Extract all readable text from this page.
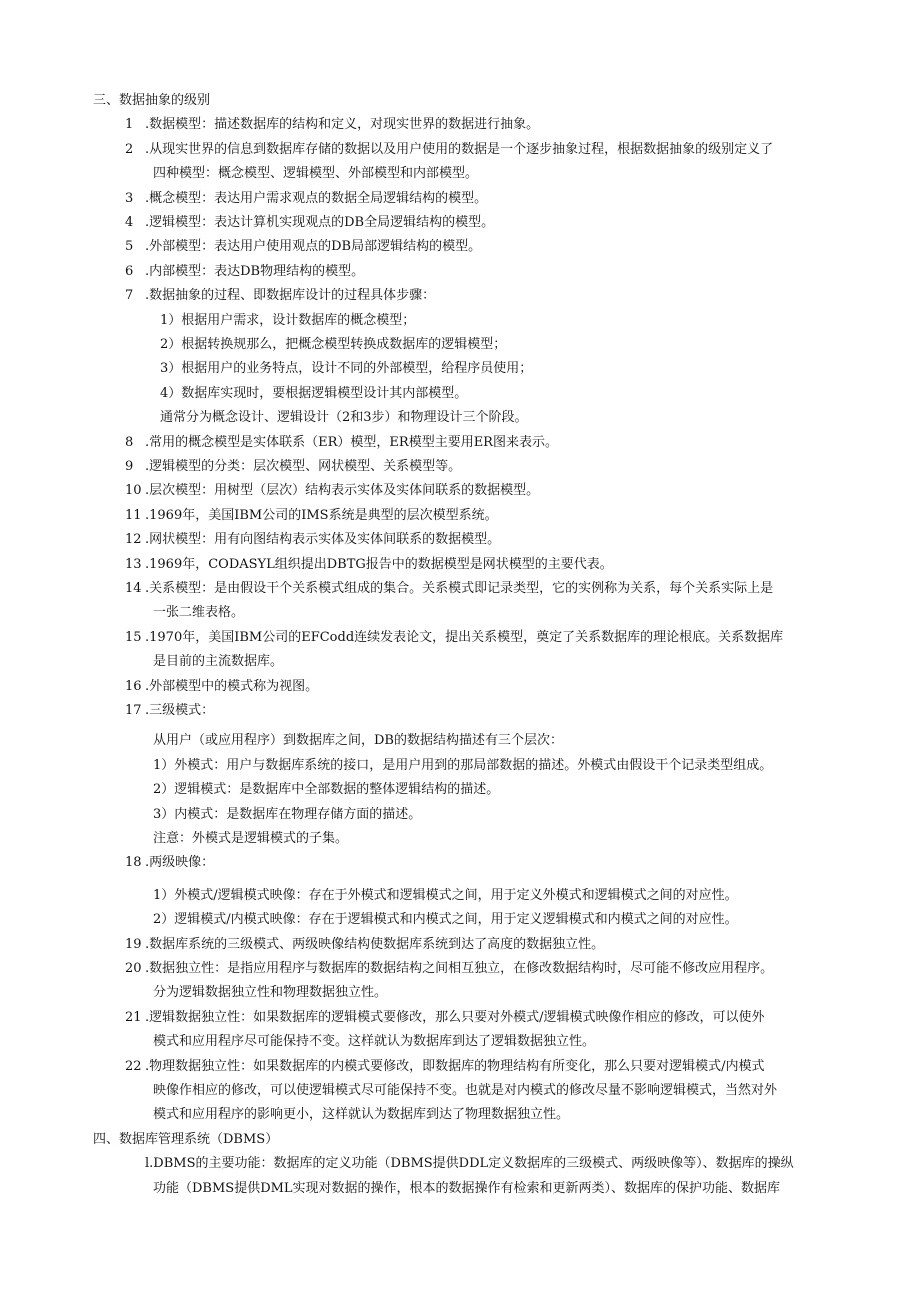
三、数据抽象的级别
1 .数据模型：描述数据库的结构和定义，对现实世界的数据进行抽象。
2 .从现实世界的信息到数据库存储的数据以及用户使用的数据是一个逐步抽象过程，根据数据抽象的级别定义了
四种模型：概念模型、逻辑模型、外部模型和内部模型。
3 .概念模型：表达用户需求观点的数据全局逻辑结构的模型。
4 .逻辑模型：表达计算机实现观点的DB全局逻辑结构的模型。
5 .外部模型：表达用户使用观点的DB局部逻辑结构的模型。
6 .内部模型：表达DB物理结构的模型。
7 .数据抽象的过程、即数据库设计的过程具体步骤：
1）根据用户需求，设计数据库的概念模型；
2）根据转换规那么，把概念模型转换成数据库的逻辑模型；
3）根据用户的业务特点，设计不同的外部模型，给程序员使用；
4）数据库实现时，要根据逻辑模型设计其内部模型。
通常分为概念设计、逻辑设计（2和3步）和物理设计三个阶段。
8 .常用的概念模型是实体联系（ER）模型，ER模型主要用ER图来表示。
9 .逻辑模型的分类：层次模型、网状模型、关系模型等。
10 .层次模型：用树型（层次）结构表示实体及实体间联系的数据模型。
11 .1969年，美国IBM公司的IMS系统是典型的层次模型系统。
12 .网状模型：用有向图结构表示实体及实体间联系的数据模型。
13 .1969年，CODASYL组织提出DBTG报告中的数据模型是网状模型的主要代表。
14 .关系模型：是由假设干个关系模式组成的集合。关系模式即记录类型，它的实例称为关系，每个关系实际上是
一张二维表格。
15 .1970年，美国IBM公司的EFCodd连续发表论文，提出关系模型，奠定了关系数据库的理论根底。关系数据库
是目前的主流数据库。
16 .外部模型中的模式称为视图。
17 .三级模式：
从用户（或应用程序）到数据库之间，DB的数据结构描述有三个层次：
1）外模式：用户与数据库系统的接口，是用户用到的那局部数据的描述。外模式由假设干个记录类型组成。
2）逻辑模式：是数据库中全部数据的整体逻辑结构的描述。
3）内模式：是数据库在物理存储方面的描述。
注意：外模式是逻辑模式的子集。
18 .两级映像：
1）外模式/逻辑模式映像：存在于外模式和逻辑模式之间，用于定义外模式和逻辑模式之间的对应性。
2）逻辑模式/内模式映像：存在于逻辑模式和内模式之间，用于定义逻辑模式和内模式之间的对应性。
19 .数据库系统的三级模式、两级映像结构使数据库系统到达了高度的数据独立性。
20 .数据独立性：是指应用程序与数据库的数据结构之间相互独立，在修改数据结构时，尽可能不修改应用程序。
分为逻辑数据独立性和物理数据独立性。
21 .逻辑数据独立性：如果数据库的逻辑模式要修改，那么只要对外模式/逻辑模式映像作相应的修改，可以使外
模式和应用程序尽可能保持不变。这样就认为数据库到达了逻辑数据独立性。
22 .物理数据独立性：如果数据库的内模式要修改，即数据库的物理结构有所变化，那么只要对逻辑模式/内模式
映像作相应的修改，可以使逻辑模式尽可能保持不变。也就是对内模式的修改尽量不影响逻辑模式，当然对外
模式和应用程序的影响更小，这样就认为数据库到达了物理数据独立性。
四、数据库管理系统（DBMS）
l.DBMS的主要功能：数据库的定义功能（DBMS提供DDL定义数据库的三级模式、两级映像等）、数据库的操纵
功能（DBMS提供DML实现对数据的操作，根本的数据操作有检索和更新两类）、数据库的保护功能、数据库
